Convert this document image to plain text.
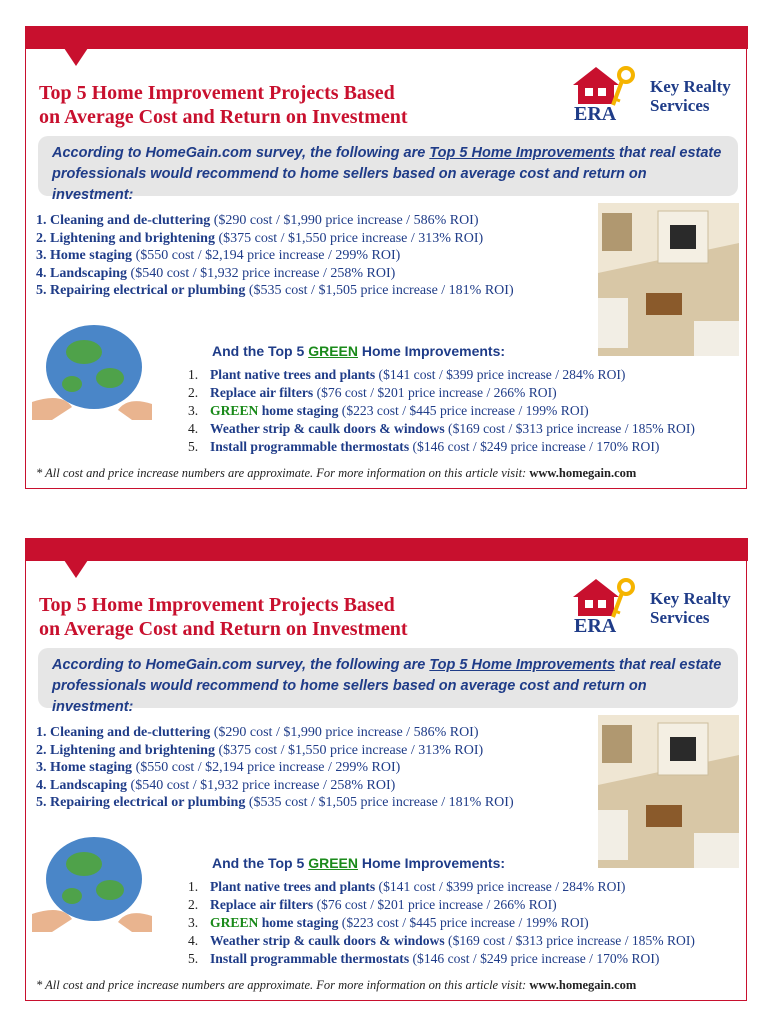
Top 5 Home Improvement Projects Based
on Average Cost and Return on Investment	ERA
Key Realty
Services
According to HomeGain.com survey, the following are Top 5 Home Improvements that real estate professionals would recommend to home sellers based on average cost and return on investment:
1. Cleaning and de-cluttering ($290 cost / $1,990 price increase / 586% ROI)
2. Lightening and brightening ($375 cost / $1,550 price increase / 313% ROI)
3. Home staging ($550 cost / $2,194 price increase / 299% ROI)
4. Landscaping ($540 cost / $1,932 price increase / 258% ROI)
5. Repairing electrical or plumbing ($535 cost / $1,505 price increase / 181% ROI)
And the Top 5 GREEN Home Improvements:
1. Plant native trees and plants ($141 cost / $399 price increase / 284% ROI)
2. Replace air filters ($76 cost / $201 price increase / 266% ROI)
3. GREEN home staging ($223 cost / $445 price increase / 199% ROI)
4. Weather strip & caulk doors & windows ($169 cost / $313 price increase / 185% ROI)
5. Install programmable thermostats ($146 cost / $249 price increase / 170% ROI)
* All cost and price increase numbers are approximate. For more information on this article visit: www.homegain.com
Top 5 Home Improvement Projects Based
on Average Cost and Return on Investment	ERA
Key Realty
Services
According to HomeGain.com survey, the following are Top 5 Home Improvements that real estate professionals would recommend to home sellers based on average cost and return on investment:
1. Cleaning and de-cluttering ($290 cost / $1,990 price increase / 586% ROI)
2. Lightening and brightening ($375 cost / $1,550 price increase / 313% ROI)
3. Home staging ($550 cost / $2,194 price increase / 299% ROI)
4. Landscaping ($540 cost / $1,932 price increase / 258% ROI)
5. Repairing electrical or plumbing ($535 cost / $1,505 price increase / 181% ROI)
And the Top 5 GREEN Home Improvements:
1. Plant native trees and plants ($141 cost / $399 price increase / 284% ROI)
2. Replace air filters ($76 cost / $201 price increase / 266% ROI)
3. GREEN home staging ($223 cost / $445 price increase / 199% ROI)
4. Weather strip & caulk doors & windows ($169 cost / $313 price increase / 185% ROI)
5. Install programmable thermostats ($146 cost / $249 price increase / 170% ROI)
* All cost and price increase numbers are approximate. For more information on this article visit: www.homegain.com
